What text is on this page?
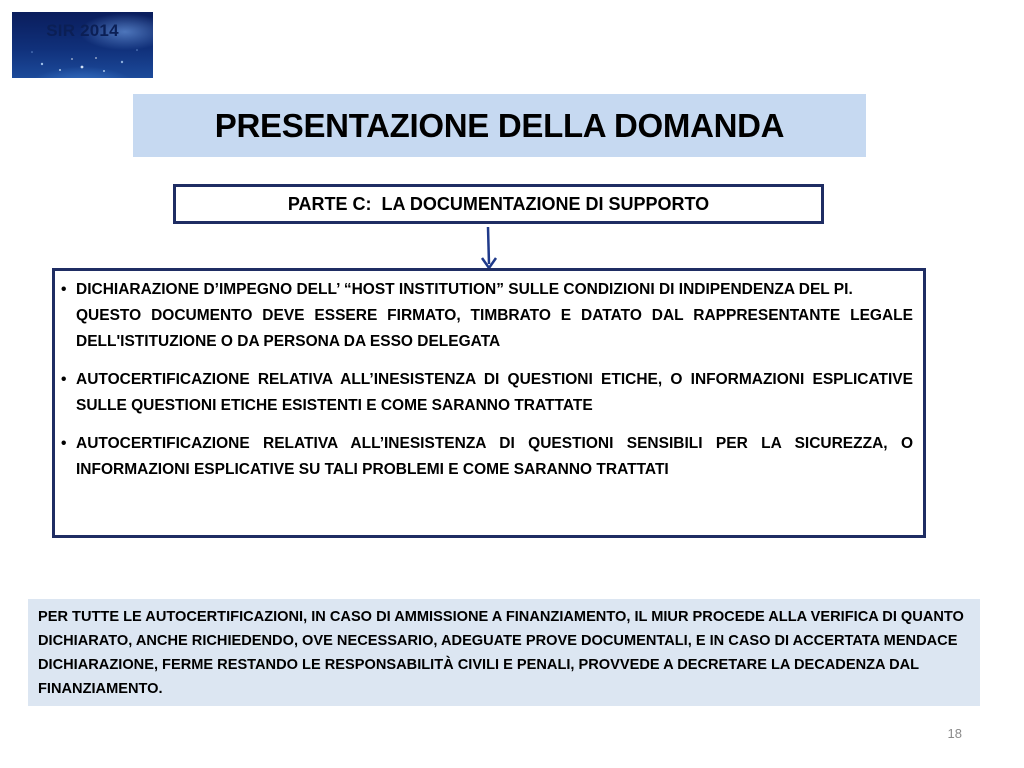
SIR 2014
PRESENTAZIONE DELLA DOMANDA
PARTE C:  LA DOCUMENTAZIONE DI SUPPORTO
• DICHIARAZIONE D’IMPEGNO DELL’ “HOST INSTITUTION” SULLE CONDIZIONI DI INDIPENDENZA DEL PI.

QUESTO DOCUMENTO DEVE ESSERE FIRMATO, TIMBRATO E DATATO DAL RAPPRESENTANTE LEGALE DELL'ISTITUZIONE O DA PERSONA DA ESSO DELEGATA

• AUTOCERTIFICAZIONE RELATIVA ALL’INESISTENZA DI QUESTIONI ETICHE, O INFORMAZIONI ESPLICATIVE SULLE QUESTIONI ETICHE ESISTENTI E COME SARANNO TRATTATE

• AUTOCERTIFICAZIONE RELATIVA ALL’INESISTENZA DI QUESTIONI SENSIBILI PER LA SICUREZZA, O INFORMAZIONI ESPLICATIVE SU TALI PROBLEMI E COME SARANNO TRATTATI

PER TUTTE LE AUTOCERTIFICAZIONI, IN CASO DI AMMISSIONE A FINANZIAMENTO, IL MIUR PROCEDE ALLA VERIFICA DI QUANTO DICHIARATO, ANCHE RICHIEDENDO, OVE NECESSARIO, ADEGUATE PROVE DOCUMENTALI, E IN CASO DI ACCERTATA MENDACE DICHIARAZIONE, FERME RESTANDO LE RESPONSABILITÀ CIVILI E PENALI, PROVVEDE A DECRETARE LA DECADENZA DAL FINANZIAMENTO.
18
